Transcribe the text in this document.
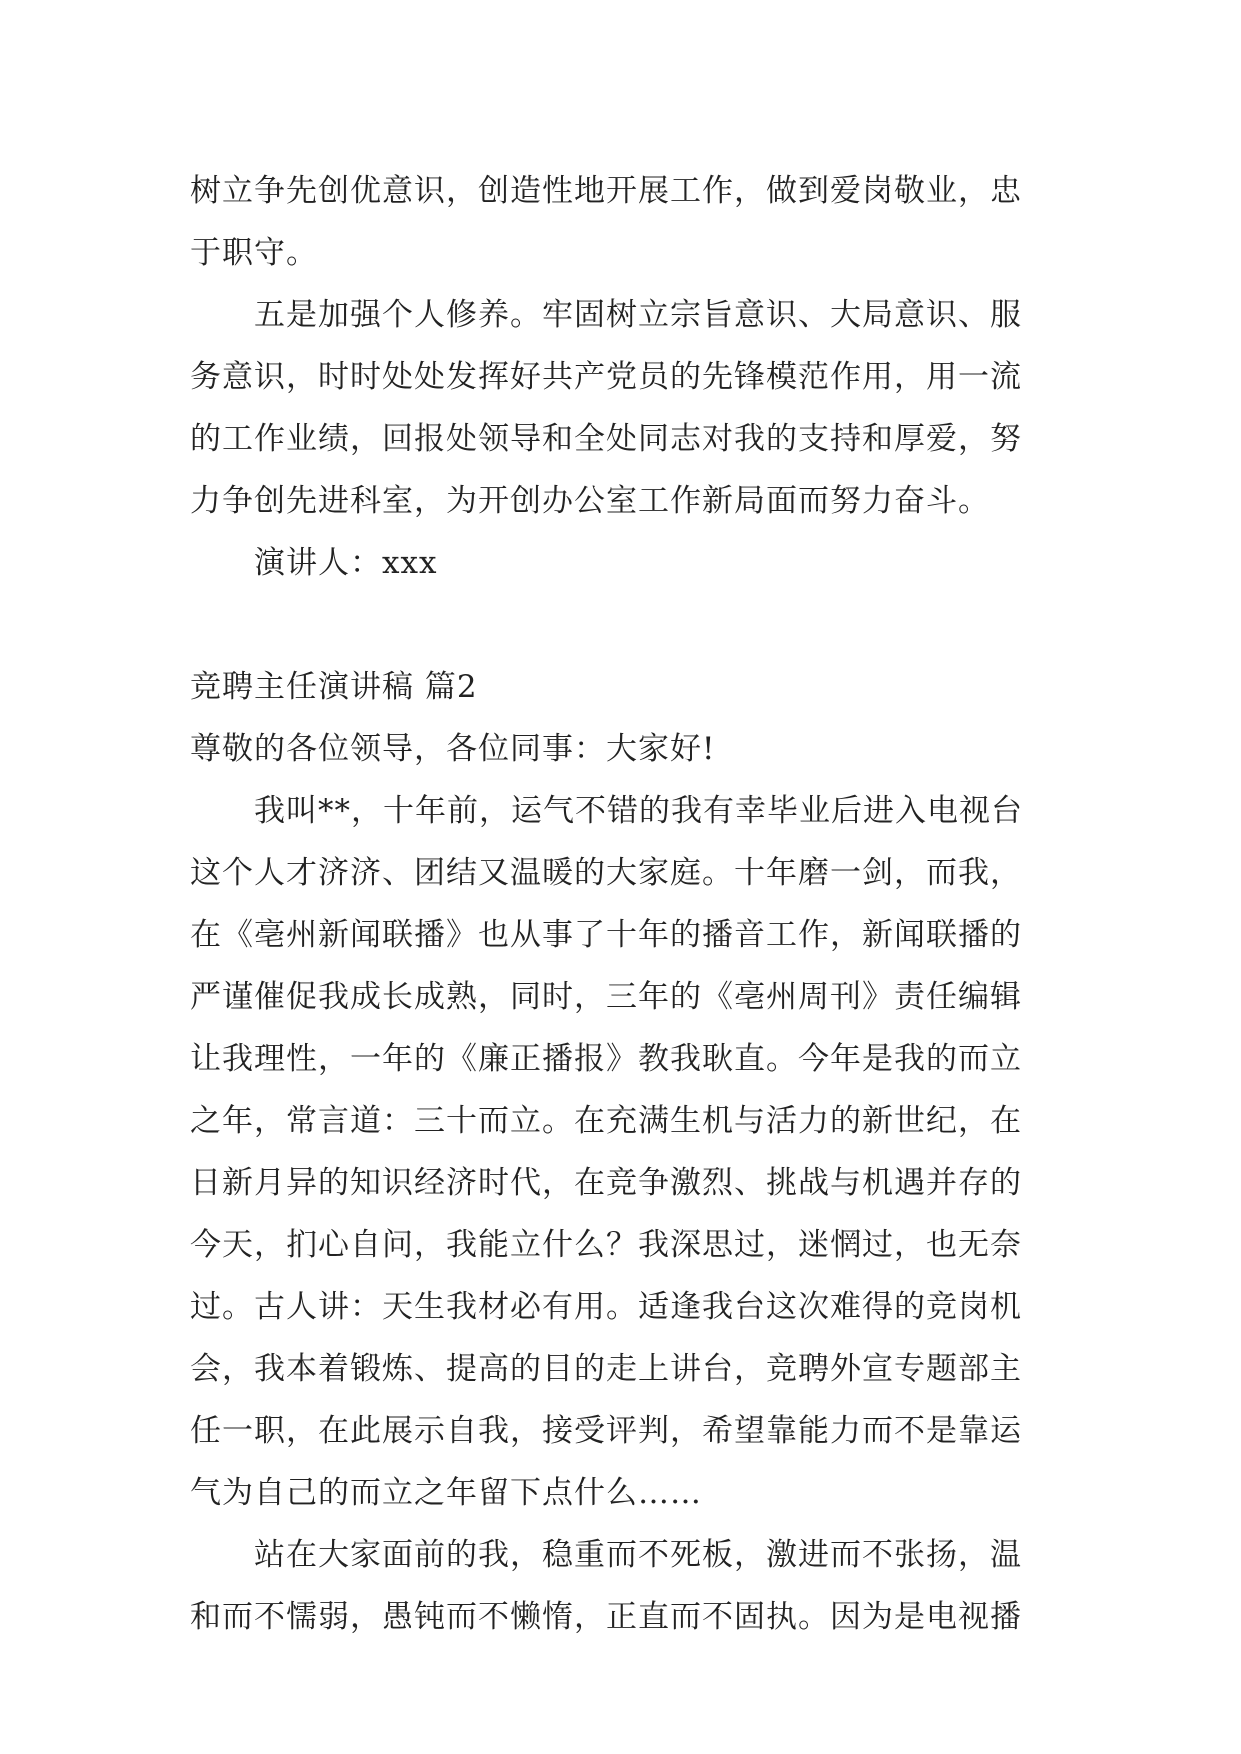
树立争先创优意识，创造性地开展工作，做到爱岗敬业，忠
于职守。
五是加强个人修养。牢固树立宗旨意识、大局意识、服
务意识，时时处处发挥好共产党员的先锋模范作用，用一流
的工作业绩，回报处领导和全处同志对我的支持和厚爱，努
力争创先进科室，为开创办公室工作新局面而努力奋斗。
演讲人：xxx
竞聘主任演讲稿 篇2
尊敬的各位领导，各位同事：大家好!
我叫**，十年前，运气不错的我有幸毕业后进入电视台
这个人才济济、团结又温暖的大家庭。十年磨一剑，而我，
在《亳州新闻联播》也从事了十年的播音工作，新闻联播的
严谨催促我成长成熟，同时，三年的《亳州周刊》责任编辑
让我理性，一年的《廉正播报》教我耿直。今年是我的而立
之年，常言道：三十而立。在充满生机与活力的新世纪，在
日新月异的知识经济时代，在竞争激烈、挑战与机遇并存的
今天，扪心自问，我能立什么？我深思过，迷惘过，也无奈
过。古人讲：天生我材必有用。适逢我台这次难得的竞岗机
会，我本着锻炼、提高的目的走上讲台，竞聘外宣专题部主
任一职，在此展示自我，接受评判，希望靠能力而不是靠运
气为自己的而立之年留下点什么……
站在大家面前的我，稳重而不死板，激进而不张扬，温
和而不懦弱，愚钝而不懒惰，正直而不固执。因为是电视播
